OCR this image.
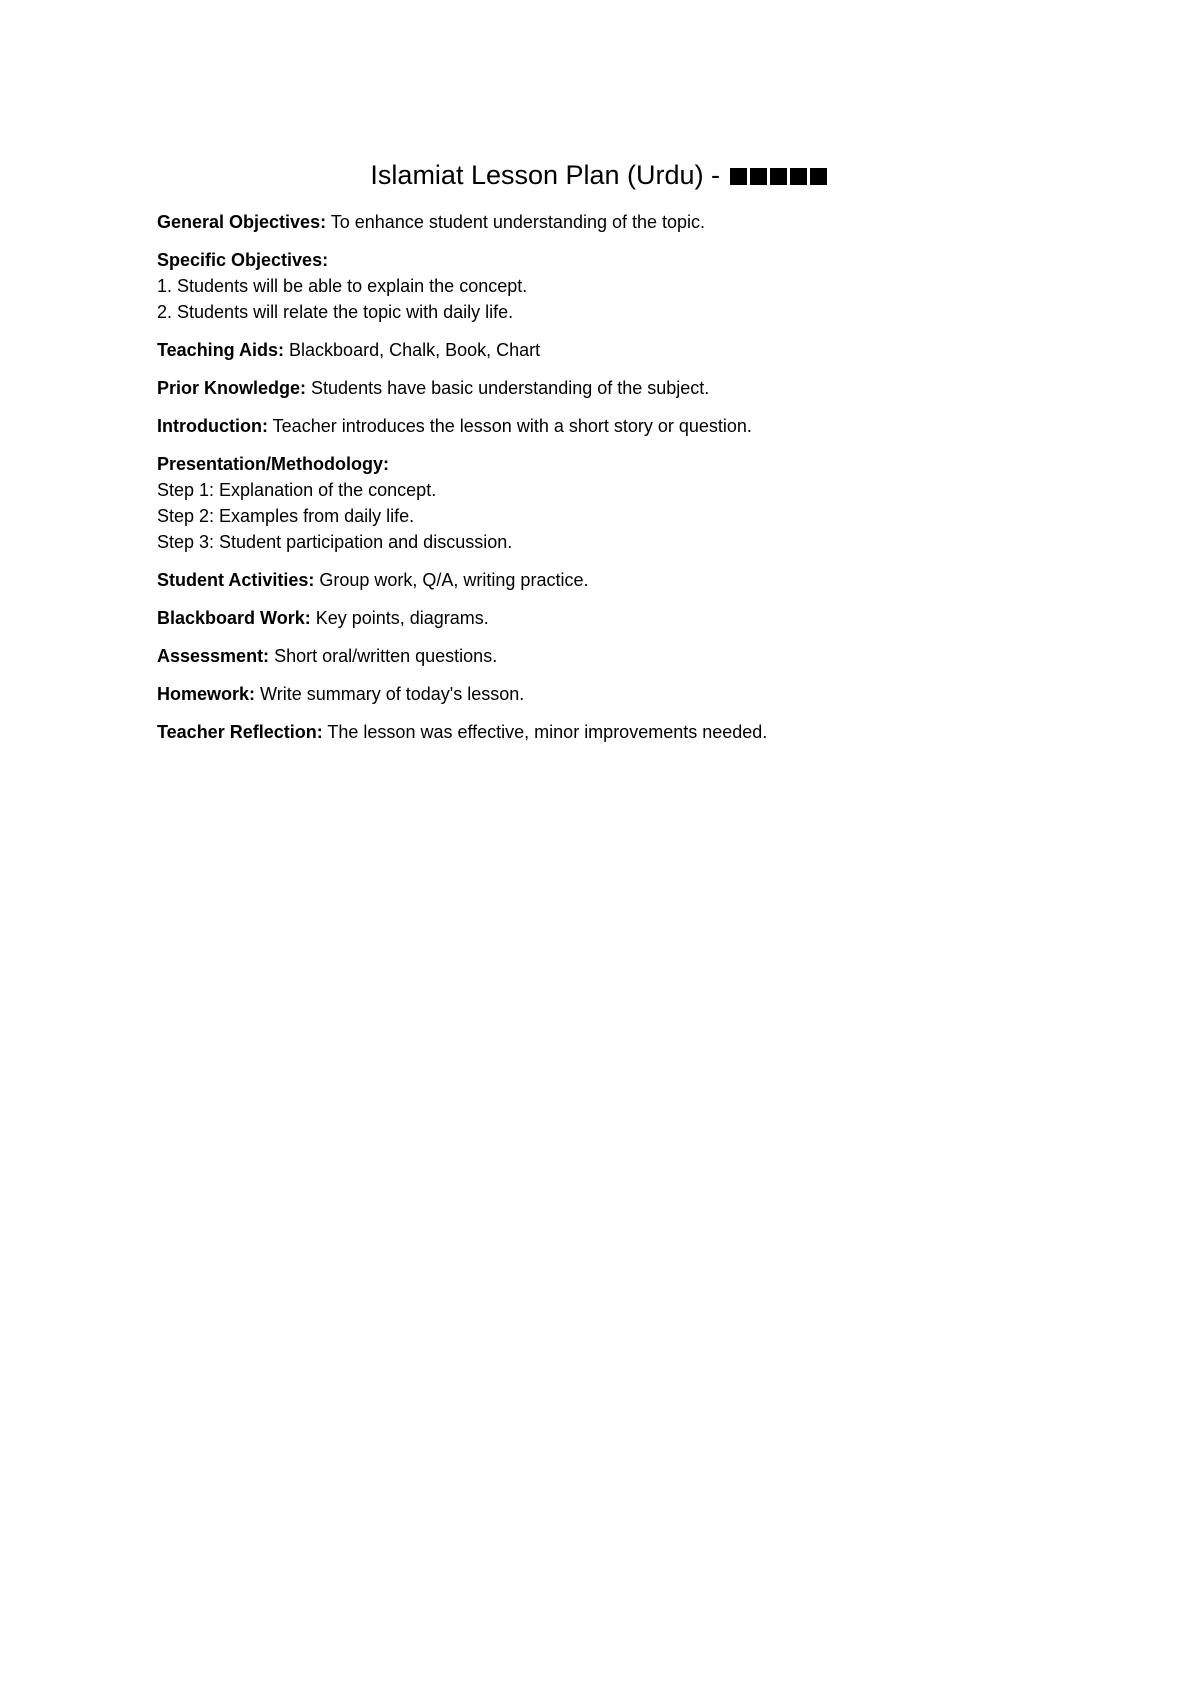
Islamiat Lesson Plan (Urdu) -
General Objectives: To enhance student understanding of the topic.
Specific Objectives:
1. Students will be able to explain the concept.
2. Students will relate the topic with daily life.
Teaching Aids: Blackboard, Chalk, Book, Chart
Prior Knowledge: Students have basic understanding of the subject.
Introduction: Teacher introduces the lesson with a short story or question.
Presentation/Methodology:
Step 1: Explanation of the concept.
Step 2: Examples from daily life.
Step 3: Student participation and discussion.
Student Activities: Group work, Q/A, writing practice.
Blackboard Work: Key points, diagrams.
Assessment: Short oral/written questions.
Homework: Write summary of today's lesson.
Teacher Reflection: The lesson was effective, minor improvements needed.
